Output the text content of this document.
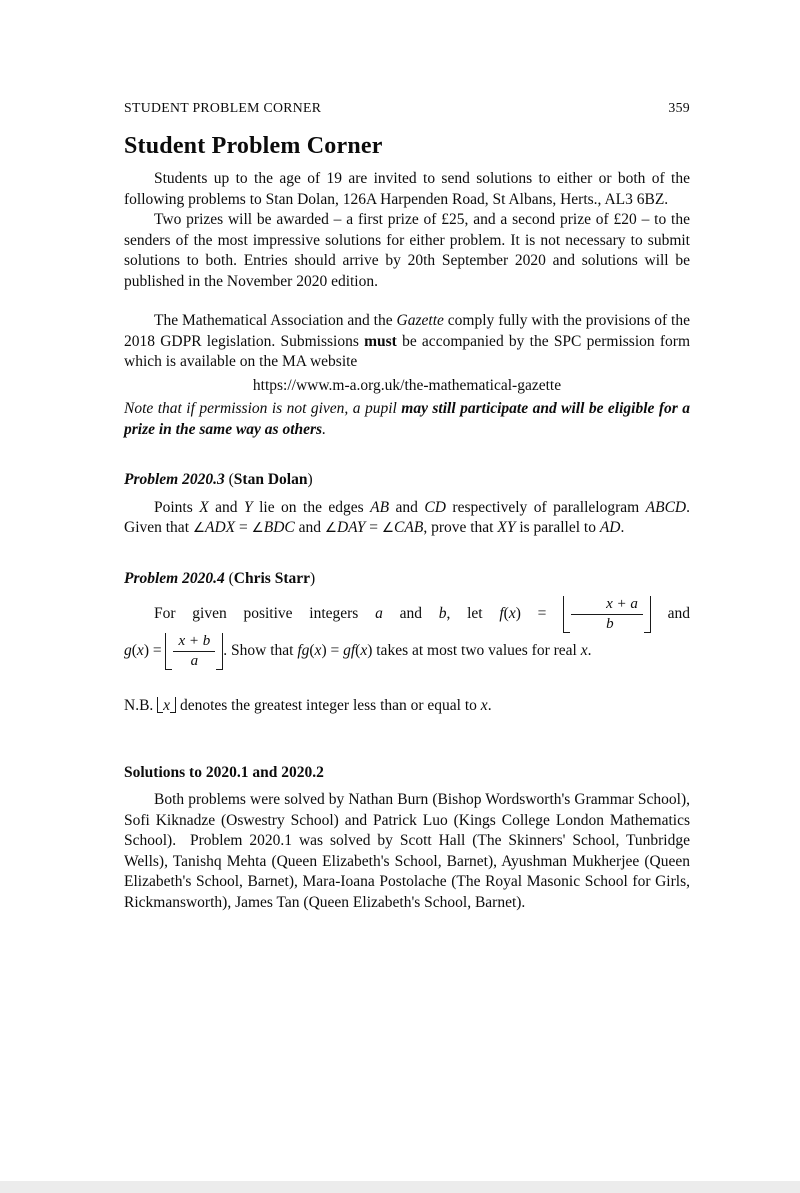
STUDENT PROBLEM CORNER	359
Student Problem Corner

Students up to the age of 19 are invited to send solutions to either or both of the following problems to Stan Dolan, 126A Harpenden Road, St Albans, Herts., AL3 6BZ.

Two prizes will be awarded – a first prize of £25, and a second prize of £20 – to the senders of the most impressive solutions for either problem. It is not necessary to submit solutions to both. Entries should arrive by 20th September 2020 and solutions will be published in the November 2020 edition.

The Mathematical Association and the Gazette comply fully with the provisions of the 2018 GDPR legislation. Submissions must be accompanied by the SPC permission form which is available on the MA website

https://www.m-a.org.uk/the-mathematical-gazette

Note that if permission is not given, a pupil may still participate and will be eligible for a prize in the same way as others.

Problem 2020.3 (Stan Dolan)

Points X and Y lie on the edges AB and CD respectively of parallelogram ABCD. Given that ∠ADX = ∠BDC and ∠DAY = ∠CAB, prove that XY is parallel to AD.

Problem 2020.4 (Chris Starr)

For given positive integers a and b, let $f(x) = \frac{x + a}{b}$ and

$g(x) = \frac{x + b}{a}$ . Show that fg(x) = gf(x) takes at most two values for real x.

N.B. x denotes the greatest integer less than or equal to x.

Solutions to 2020.1 and 2020.2

Both problems were solved by Nathan Burn (Bishop Wordsworth's Grammar School), Sofi Kiknadze (Oswestry School) and Patrick Luo (Kings College London Mathematics School).  Problem 2020.1 was solved by Scott Hall (The Skinners' School, Tunbridge Wells), Tanishq Mehta (Queen Elizabeth's School, Barnet), Ayushman Mukherjee (Queen Elizabeth's School, Barnet), Mara-Ioana Postolache (The Royal Masonic School for Girls, Rickmansworth), James Tan (Queen Elizabeth's School, Barnet).
